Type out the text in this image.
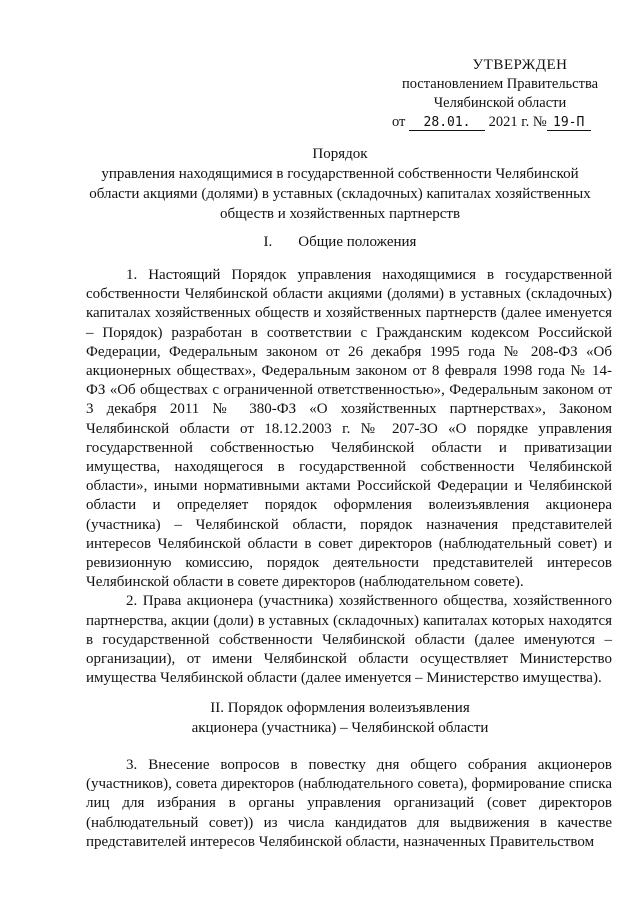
УТВЕРЖДЕН
постановлением Правительства
Челябинской области
от 28.01. 2021 г. № 19-П
Порядок
управления находящимися в государственной собственности Челябинской
области акциями (долями) в уставных (складочных) капиталах хозяйственных
обществ и хозяйственных партнерств
I. Общие положения

1. Настоящий Порядок управления находящимися в государственной собственности Челябинской области акциями (долями) в уставных (складочных) капиталах хозяйственных обществ и хозяйственных партнерств (далее именуется – Порядок) разработан в соответствии с Гражданским кодексом Российской Федерации, Федеральным законом от 26 декабря 1995 года № 208-ФЗ «Об акционерных обществах», Федеральным законом от 8 февраля 1998 года № 14-ФЗ «Об обществах с ограниченной ответственностью», Федеральным законом от 3 декабря 2011 № 380-ФЗ «О хозяйственных партнерствах», Законом Челябинской области от 18.12.2003 г. № 207-ЗО «О порядке управления государственной собственностью Челябинской области и приватизации имущества, находящегося в государственной собственности Челябинской области», иными нормативными актами Российской Федерации и Челябинской области и определяет порядок оформления волеизъявления акционера (участника) – Челябинской области, порядок назначения представителей интересов Челябинской области в совет директоров (наблюдательный совет) и ревизионную комиссию, порядок деятельности представителей интересов Челябинской области в совете директоров (наблюдательном совете).

2. Права акционера (участника) хозяйственного общества, хозяйственного партнерства, акции (доли) в уставных (складочных) капиталах которых находятся в государственной собственности Челябинской области (далее именуются – организации), от имени Челябинской области осуществляет Министерство имущества Челябинской области (далее именуется – Министерство имущества).

II. Порядок оформления волеизъявления
акционера (участника) – Челябинской области

3. Внесение вопросов в повестку дня общего собрания акционеров (участников), совета директоров (наблюдательного совета), формирование списка лиц для избрания в органы управления организаций (совет директоров (наблюдательный совет)) из числа кандидатов для выдвижения в качестве представителей интересов Челябинской области, назначенных Правительством
